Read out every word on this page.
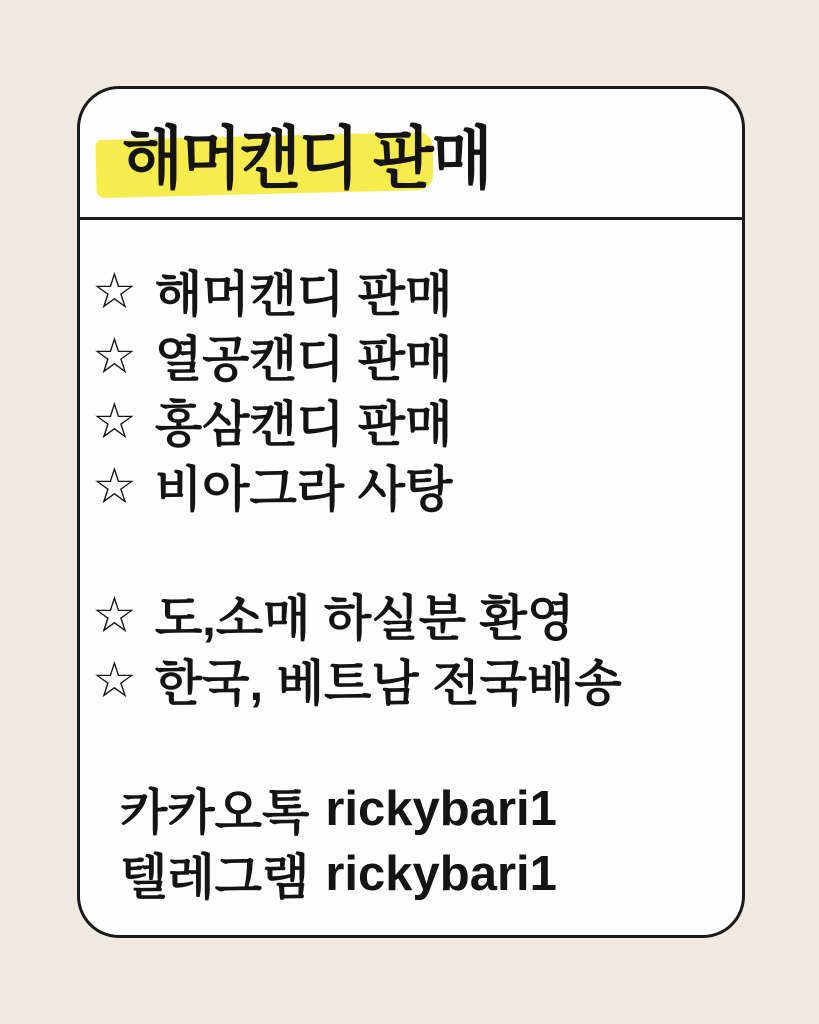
해머캔디 판매
☆ 해머캔디 판매
☆ 열공캔디 판매
☆ 홍삼캔디 판매
☆ 비아그라 사탕
☆ 도,소매 하실분 환영
☆ 한국, 베트남 전국배송
카카오톡 rickybari1
텔레그램 rickybari1
